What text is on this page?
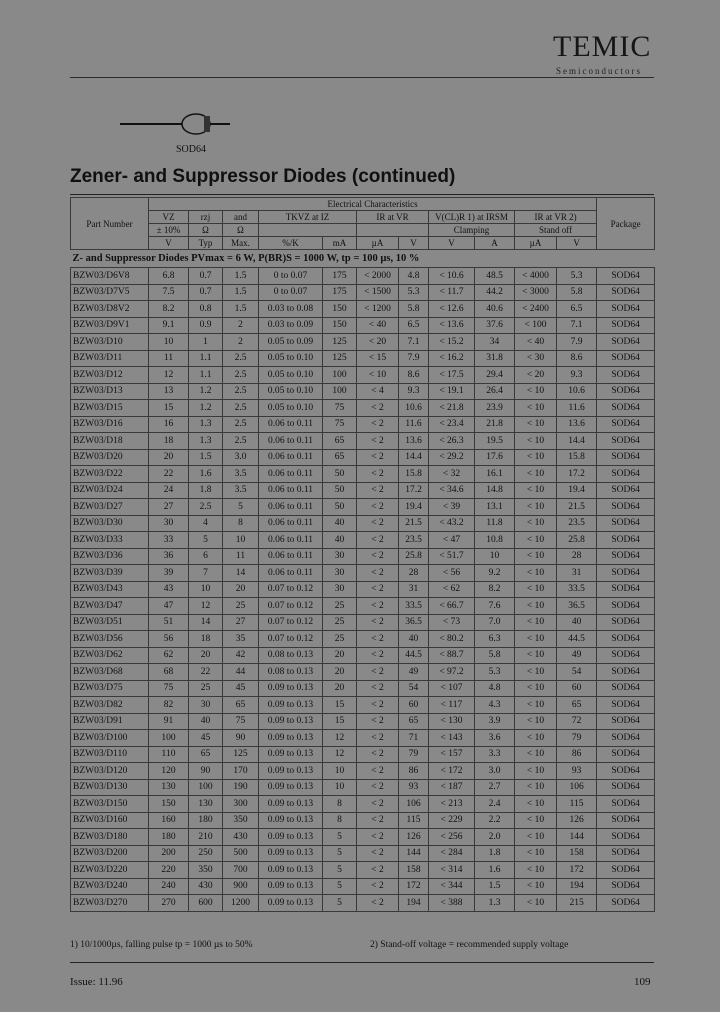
TEMIC
Semiconductors
SOD64
Zener- and Suppressor Diodes (continued)
Part Number	Electrical Characteristics											Package
	VZ	rzj	and	TKVZ at IZ		IR at VR		V(CL)R 1) at IRSM		IR at VR 2)		
	± 10%	Ω	Ω					Clamping		Stand off		
	V	Typ	Max.	%/K	mA	µA	V	V	A	µA	V	
Z- and Suppressor Diodes PVmax = 6 W, P(BR)S = 1000 W, tp = 100 µs, 10 %												
BZW03/D6V8	6.8	0.7	1.5	0 to 0.07	175	< 2000	4.8	< 10.6	48.5	< 4000	5.3	SOD64
BZW03/D7V5	7.5	0.7	1.5	0 to 0.07	175	< 1500	5.3	< 11.7	44.2	< 3000	5.8	SOD64
BZW03/D8V2	8.2	0.8	1.5	0.03 to 0.08	150	< 1200	5.8	< 12.6	40.6	< 2400	6.5	SOD64
BZW03/D9V1	9.1	0.9	2	0.03 to 0.09	150	< 40	6.5	< 13.6	37.6	< 100	7.1	SOD64
BZW03/D10	10	1	2	0.05 to 0.09	125	< 20	7.1	< 15.2	34	< 40	7.9	SOD64
BZW03/D11	11	1.1	2.5	0.05 to 0.10	125	< 15	7.9	< 16.2	31.8	< 30	8.6	SOD64
BZW03/D12	12	1.1	2.5	0.05 to 0.10	100	< 10	8.6	< 17.5	29.4	< 20	9.3	SOD64
BZW03/D13	13	1.2	2.5	0.05 to 0.10	100	< 4	9.3	< 19.1	26.4	< 10	10.6	SOD64
BZW03/D15	15	1.2	2.5	0.05 to 0.10	75	< 2	10.6	< 21.8	23.9	< 10	11.6	SOD64
BZW03/D16	16	1.3	2.5	0.06 to 0.11	75	< 2	11.6	< 23.4	21.8	< 10	13.6	SOD64
BZW03/D18	18	1.3	2.5	0.06 to 0.11	65	< 2	13.6	< 26.3	19.5	< 10	14.4	SOD64
BZW03/D20	20	1.5	3.0	0.06 to 0.11	65	< 2	14.4	< 29.2	17.6	< 10	15.8	SOD64
BZW03/D22	22	1.6	3.5	0.06 to 0.11	50	< 2	15.8	< 32	16.1	< 10	17.2	SOD64
BZW03/D24	24	1.8	3.5	0.06 to 0.11	50	< 2	17.2	< 34.6	14.8	< 10	19.4	SOD64
BZW03/D27	27	2.5	5	0.06 to 0.11	50	< 2	19.4	< 39	13.1	< 10	21.5	SOD64
BZW03/D30	30	4	8	0.06 to 0.11	40	< 2	21.5	< 43.2	11.8	< 10	23.5	SOD64
BZW03/D33	33	5	10	0.06 to 0.11	40	< 2	23.5	< 47	10.8	< 10	25.8	SOD64
BZW03/D36	36	6	11	0.06 to 0.11	30	< 2	25.8	< 51.7	10	< 10	28	SOD64
BZW03/D39	39	7	14	0.06 to 0.11	30	< 2	28	< 56	9.2	< 10	31	SOD64
BZW03/D43	43	10	20	0.07 to 0.12	30	< 2	31	< 62	8.2	< 10	33.5	SOD64
BZW03/D47	47	12	25	0.07 to 0.12	25	< 2	33.5	< 66.7	7.6	< 10	36.5	SOD64
BZW03/D51	51	14	27	0.07 to 0.12	25	< 2	36.5	< 73	7.0	< 10	40	SOD64
BZW03/D56	56	18	35	0.07 to 0.12	25	< 2	40	< 80.2	6.3	< 10	44.5	SOD64
BZW03/D62	62	20	42	0.08 to 0.13	20	< 2	44.5	< 88.7	5.8	< 10	49	SOD64
BZW03/D68	68	22	44	0.08 to 0.13	20	< 2	49	< 97.2	5.3	< 10	54	SOD64
BZW03/D75	75	25	45	0.09 to 0.13	20	< 2	54	< 107	4.8	< 10	60	SOD64
BZW03/D82	82	30	65	0.09 to 0.13	15	< 2	60	< 117	4.3	< 10	65	SOD64
BZW03/D91	91	40	75	0.09 to 0.13	15	< 2	65	< 130	3.9	< 10	72	SOD64
BZW03/D100	100	45	90	0.09 to 0.13	12	< 2	71	< 143	3.6	< 10	79	SOD64
BZW03/D110	110	65	125	0.09 to 0.13	12	< 2	79	< 157	3.3	< 10	86	SOD64
BZW03/D120	120	90	170	0.09 to 0.13	10	< 2	86	< 172	3.0	< 10	93	SOD64
BZW03/D130	130	100	190	0.09 to 0.13	10	< 2	93	< 187	2.7	< 10	106	SOD64
BZW03/D150	150	130	300	0.09 to 0.13	8	< 2	106	< 213	2.4	< 10	115	SOD64
BZW03/D160	160	180	350	0.09 to 0.13	8	< 2	115	< 229	2.2	< 10	126	SOD64
BZW03/D180	180	210	430	0.09 to 0.13	5	< 2	126	< 256	2.0	< 10	144	SOD64
BZW03/D200	200	250	500	0.09 to 0.13	5	< 2	144	< 284	1.8	< 10	158	SOD64
BZW03/D220	220	350	700	0.09 to 0.13	5	< 2	158	< 314	1.6	< 10	172	SOD64
BZW03/D240	240	430	900	0.09 to 0.13	5	< 2	172	< 344	1.5	< 10	194	SOD64
BZW03/D270	270	600	1200	0.09 to 0.13	5	< 2	194	< 388	1.3	< 10	215	SOD64
1) 10/1000µs, falling pulse tp = 1000 µs to 50%	2) Stand-off voltage = recommended supply voltage
Issue: 11.96	109
